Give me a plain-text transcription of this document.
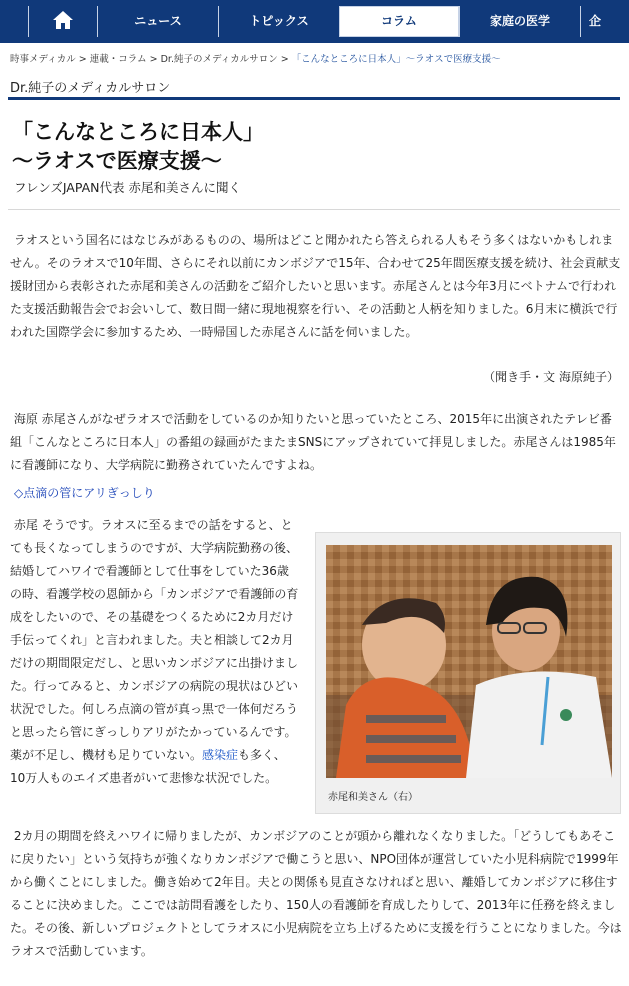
ニュース	トピックス	コラム	家庭の医学	企
時事メディカル > 連載・コラム > Dr.純子のメディカルサロン > 「こんなところに日本人」～ラオスで医療支援～
Dr.純子のメディカルサロン
「こんなところに日本人」
～ラオスで医療支援～
フレンズJAPAN代表 赤尾和美さんに聞く
ラオスという国名にはなじみがあるものの、場所はどこと聞かれたら答えられる人もそう多くはないかもしれません。そのラオスで10年間、さらにそれ以前にカンボジアで15年、合わせて25年間医療支援を続け、社会貢献支援財団から表彰された赤尾和美さんの活動をご紹介したいと思います。赤尾さんとは今年3月にベトナムで行われた支援活動報告会でお会いして、数日間一緒に現地視察を行い、その活動と人柄を知りました。6月末に横浜で行われた国際学会に参加するため、一時帰国した赤尾さんに話を伺いました。
（聞き手・文 海原純子）
海原 赤尾さんがなぜラオスで活動をしているのか知りたいと思っていたところ、2015年に出演されたテレビ番組「こんなところに日本人」の番組の録画がたまたまSNSにアップされていて拝見しました。赤尾さんは1985年に看護師になり、大学病院に勤務されていたんですよね。
◇点滴の管にアリぎっしり
赤尾 そうです。ラオスに至るまでの話をすると、とても長くなってしまうのですが、大学病院勤務の後、結婚してハワイで看護師として仕事をしていた36歳の時、看護学校の恩師から「カンボジアで看護師の育成をしたいので、その基礎をつくるために2カ月だけ手伝ってくれ」と言われました。夫と相談して2カ月だけの期間限定だし、と思いカンボジアに出掛けました。行ってみると、カンボジアの病院の現状はひどい状況でした。何しろ点滴の管が真っ黒で一体何だろうと思ったら管にぎっしりアリがたかっているんです。薬が不足し、機材も足りていない。感染症も多く、10万人ものエイズ患者がいて悲惨な状況でした。
赤尾和美さん（右）
2カ月の期間を終えハワイに帰りましたが、カンボジアのことが頭から離れなくなりました。「どうしてもあそこに戻りたい」という気持ちが強くなりカンボジアで働こうと思い、NPO団体が運営していた小児科病院で1999年から働くことにしました。働き始めて2年目。夫との関係も見直さなければと思い、離婚してカンボジアに移住することに決めました。ここでは訪問看護をしたり、150人の看護師を育成したりして、2013年に任務を終えました。その後、新しいプロジェクトとしてラオスに小児病院を立ち上げるために支援を行うことになりました。今はラオスで活動しています。
